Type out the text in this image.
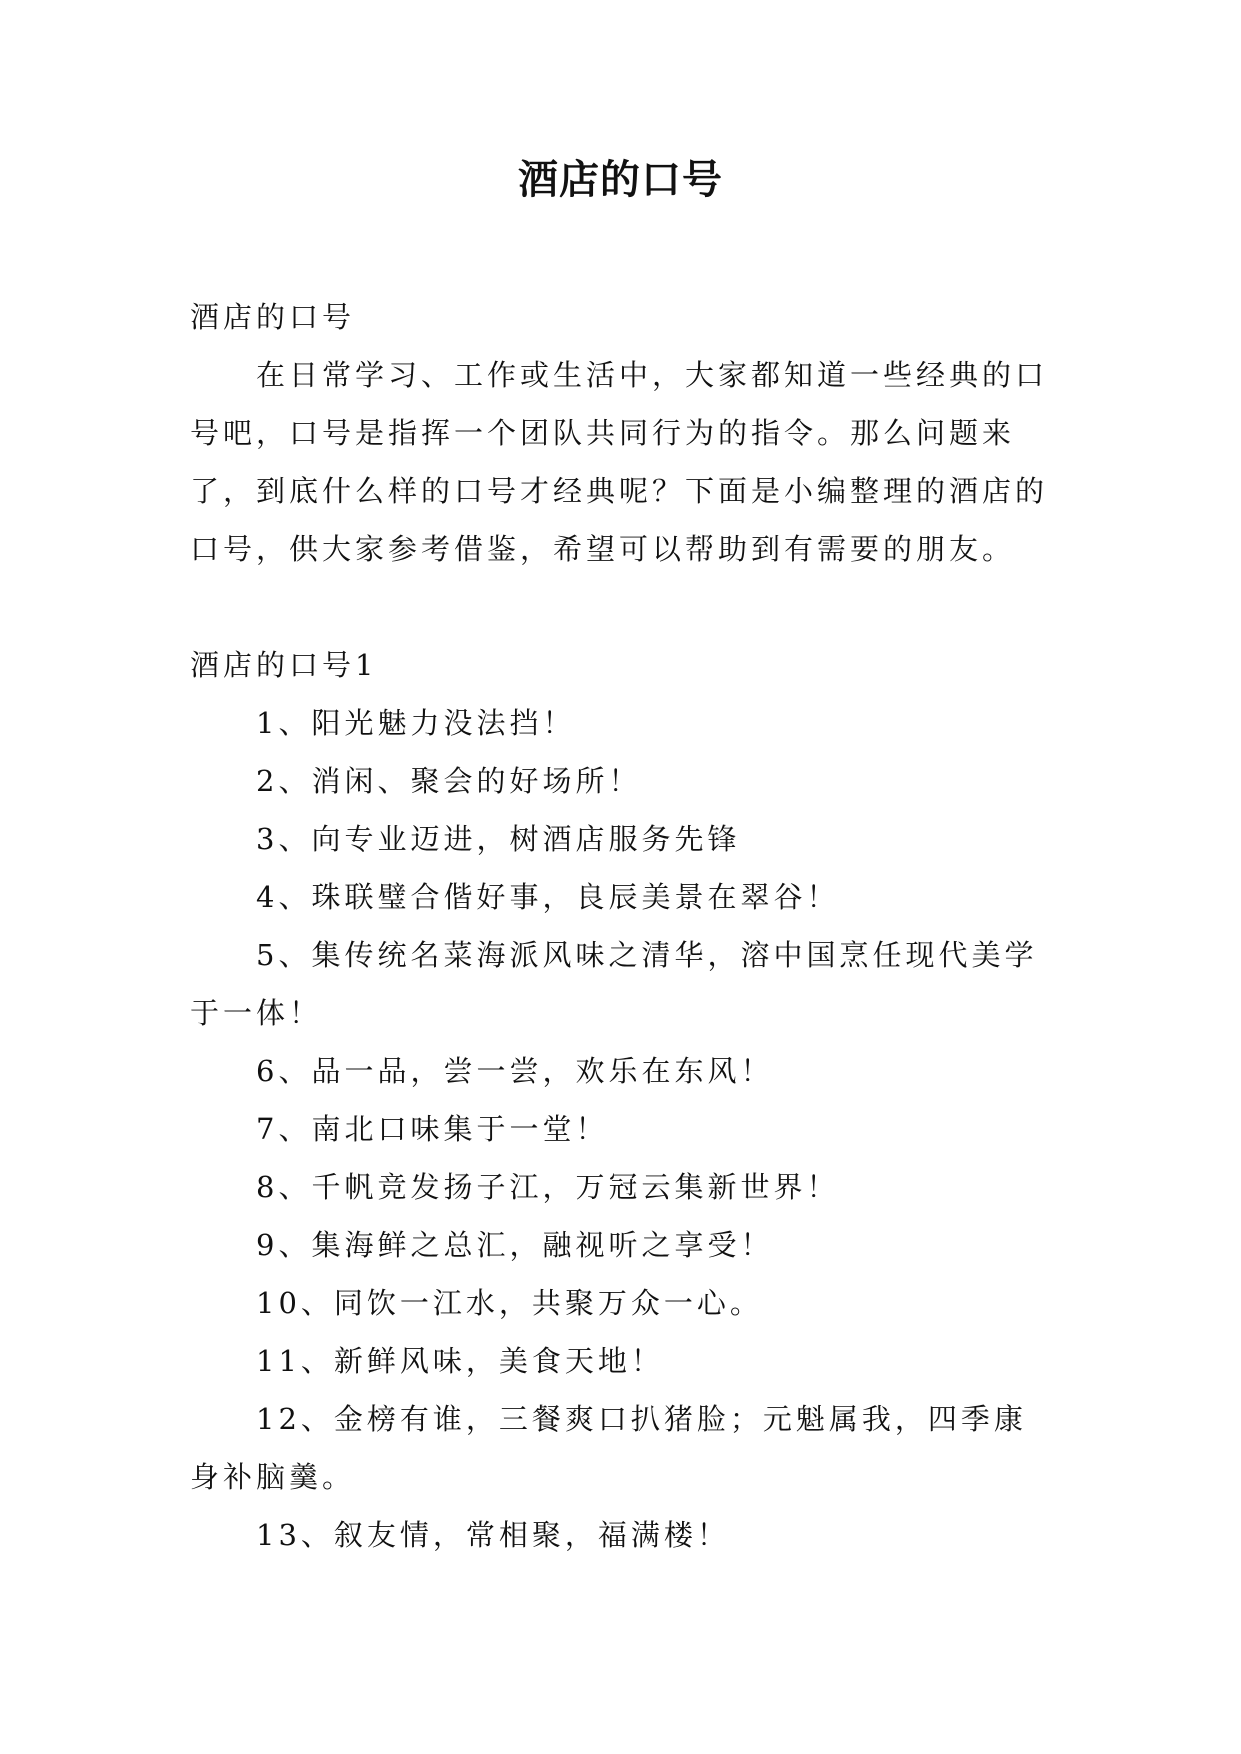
酒店的口号

酒店的口号

在日常学习、工作或生活中，大家都知道一些经典的口号吧，口号是指挥一个团队共同行为的指令。那么问题来了，到底什么样的口号才经典呢？下面是小编整理的酒店的口号，供大家参考借鉴，希望可以帮助到有需要的朋友。

酒店的口号1

1、阳光魅力没法挡！

2、消闲、聚会的好场所！

3、向专业迈进，树酒店服务先锋

4、珠联璧合偕好事，良辰美景在翠谷！

5、集传统名菜海派风味之清华，溶中国烹任现代美学于一体！

6、品一品，尝一尝，欢乐在东风！

7、南北口味集于一堂！

8、千帆竞发扬子江，万冠云集新世界！

9、集海鲜之总汇，融视听之享受！

10、同饮一江水，共聚万众一心。

11、新鲜风味，美食天地！

12、金榜有谁，三餐爽口扒猪脸；元魁属我，四季康身补脑羹。

13、叙友情，常相聚，福满楼！
